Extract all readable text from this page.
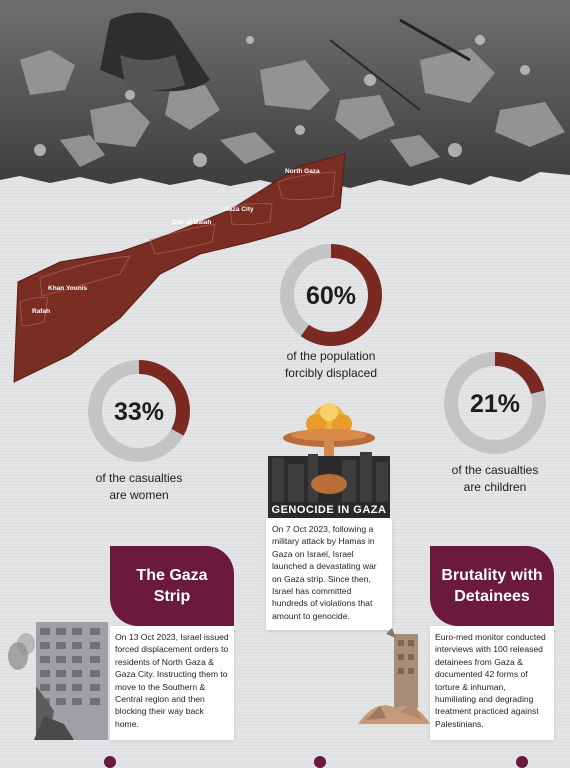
North Gaza
Gaza City
Dair al Balah
Khan Younis
Rafah
60%
of the population
forcibly displaced
33%
of the casualties
are women
21%
of the casualties
are children
GENOCIDE IN GAZA
On 7 Oct 2023, following a military attack by Hamas in Gaza on Israel, Israel launched a devastating war on Gaza strip. Since then, Israel has committed hundreds of violations that amount to genocide.
The Gaza
Strip
On 13 Oct 2023, Israel issued forced displacement orders to residents of North Gaza & Gaza City. Instructing them to move to the Southern & Central region and then blocking their way back home.
Brutality with
Detainees
Euro-med monitor conducted interviews with 100 released detainees from Gaza & documented 42 forms of torture & inhuman, humiliating and degrading treatment practiced against Palestinians.
